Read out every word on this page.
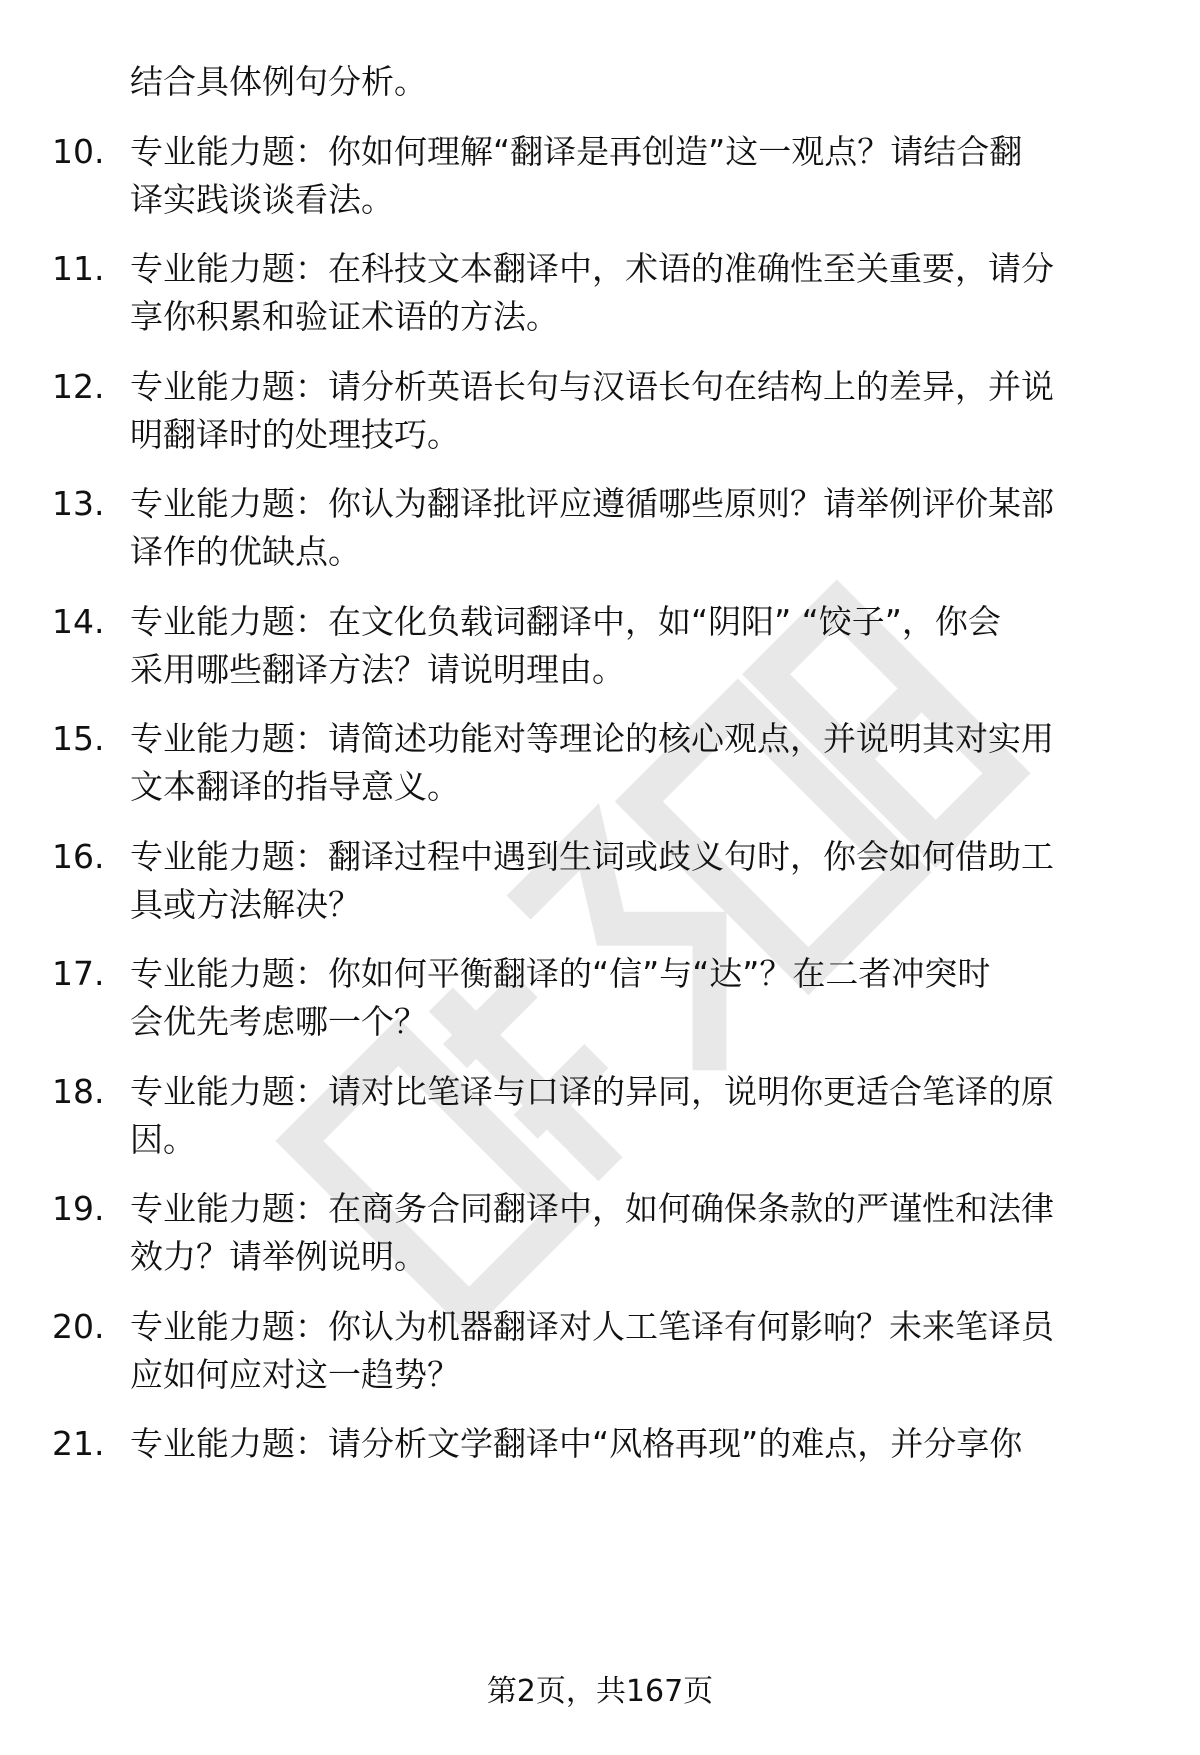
结合具体例句分析。
10. 专业能力题：你如何理解“翻译是再创造”这一观点？请结合翻
译实践谈谈看法。
11. 专业能力题：在科技文本翻译中，术语的准确性至关重要，请分
享你积累和验证术语的方法。
12. 专业能力题：请分析英语长句与汉语长句在结构上的差异，并说
明翻译时的处理技巧。
13. 专业能力题：你认为翻译批评应遵循哪些原则？请举例评价某部
译作的优缺点。
14. 专业能力题：在文化负载词翻译中，如“阴阳” “饺子”，你会
采用哪些翻译方法？请说明理由。
15. 专业能力题：请简述功能对等理论的核心观点，并说明其对实用
文本翻译的指导意义。
16. 专业能力题：翻译过程中遇到生词或歧义句时，你会如何借助工
具或方法解决？
17. 专业能力题：你如何平衡翻译的“信”与“达”？在二者冲突时
会优先考虑哪一个？
18. 专业能力题：请对比笔译与口译的异同，说明你更适合笔译的原
因。
19. 专业能力题：在商务合同翻译中，如何确保条款的严谨性和法律
效力？请举例说明。
20. 专业能力题：你认为机器翻译对人工笔译有何影响？未来笔译员
应如何应对这一趋势？
21. 专业能力题：请分析文学翻译中“风格再现”的难点，并分享你
第2页，共167页
